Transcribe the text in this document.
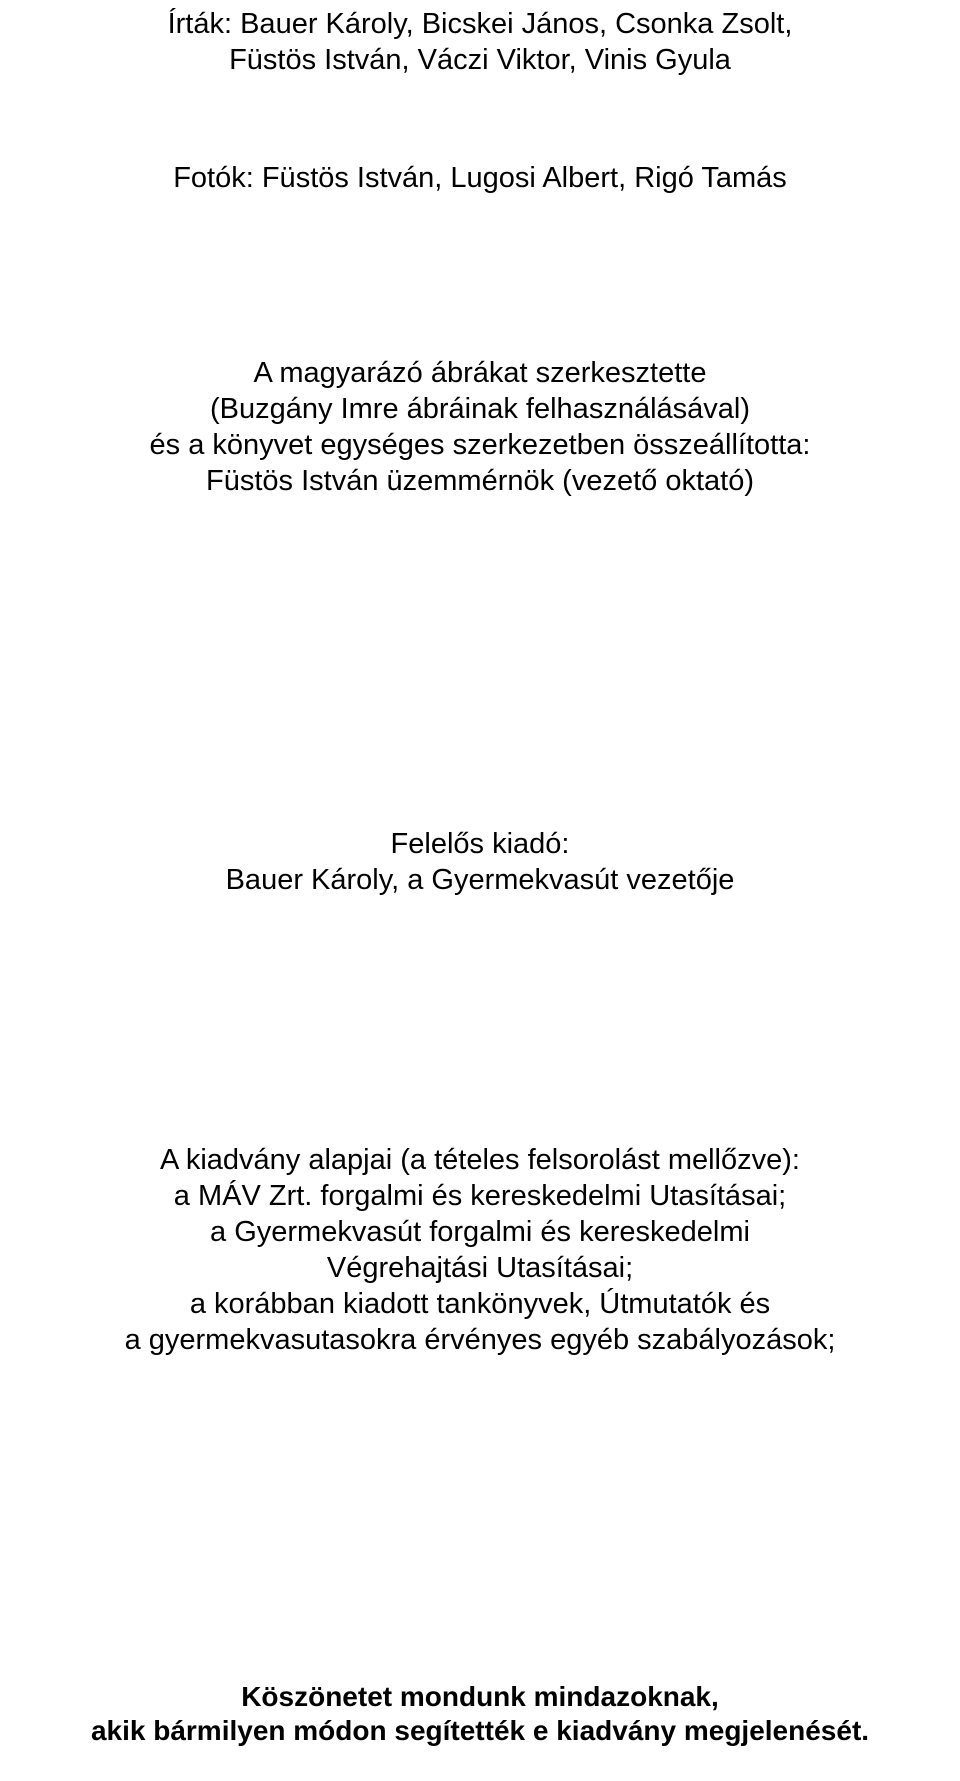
Írták: Bauer Károly, Bicskei János, Csonka Zsolt,
Füstös István, Váczi Viktor, Vinis Gyula
Fotók: Füstös István, Lugosi Albert, Rigó Tamás
A magyarázó ábrákat szerkesztette
(Buzgány Imre ábráinak felhasználásával)
és a könyvet egységes szerkezetben összeállította:
Füstös István üzemmérnök (vezető oktató)
Felelős kiadó:
Bauer Károly, a Gyermekvasút vezetője
A kiadvány alapjai (a tételes felsorolást mellőzve):
a MÁV Zrt. forgalmi és kereskedelmi Utasításai;
a Gyermekvasút forgalmi és kereskedelmi
Végrehajtási Utasításai;
a korábban kiadott tankönyvek, Útmutatók és
a gyermekvasutasokra érvényes egyéb szabályozások;
Köszönetet mondunk mindazoknak,
akik bármilyen módon segítették e kiadvány megjelenését.
